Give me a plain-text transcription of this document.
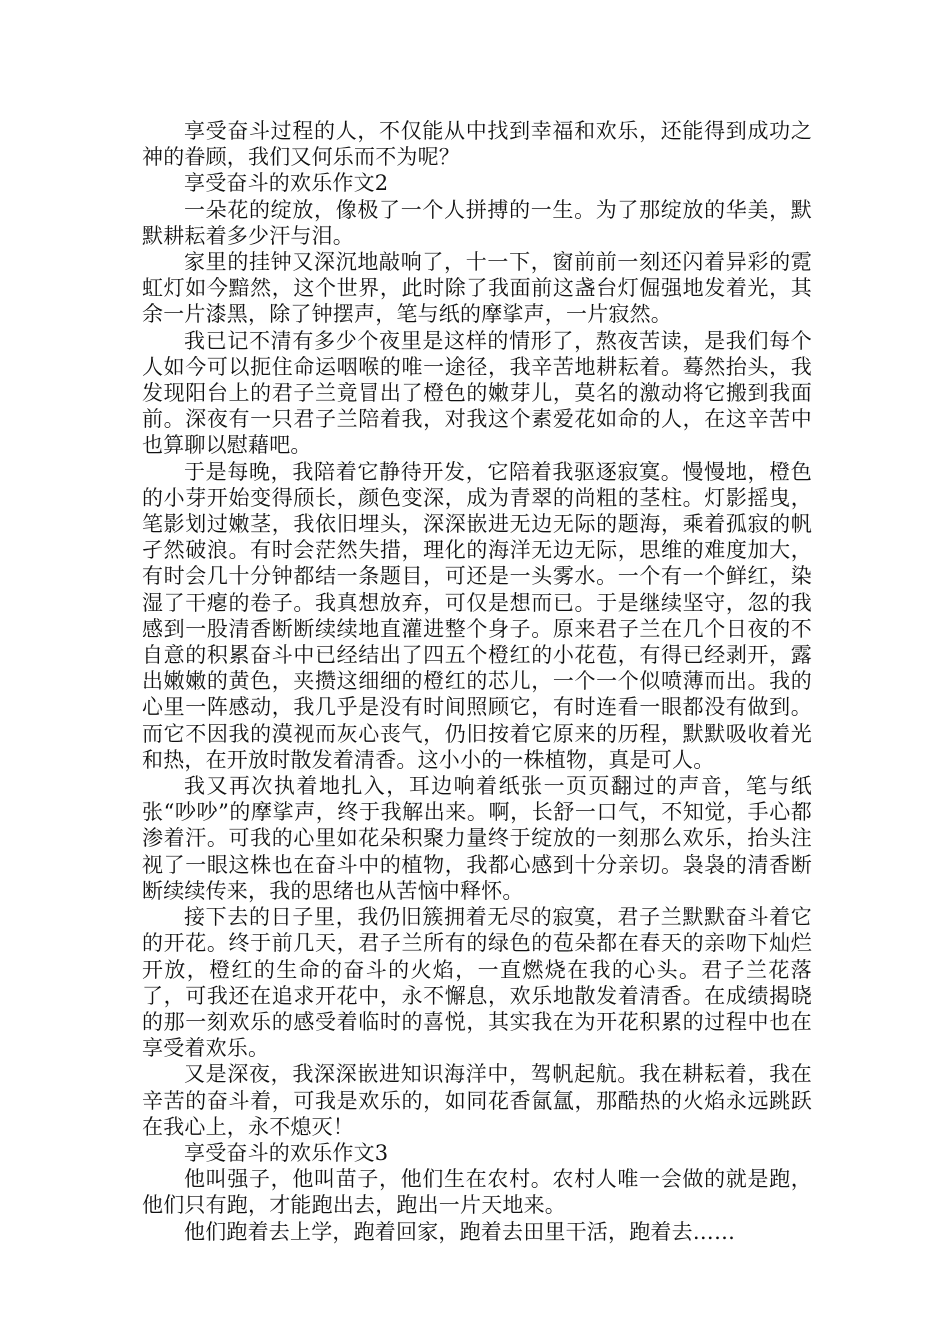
享受奋斗过程的人，不仅能从中找到幸福和欢乐，还能得到成功之神的眷顾，我们又何乐而不为呢？

享受奋斗的欢乐作文2

一朵花的绽放，像极了一个人拼搏的一生。为了那绽放的华美，默默耕耘着多少汗与泪。

家里的挂钟又深沉地敲响了，十一下，窗前前一刻还闪着异彩的霓虹灯如今黯然，这个世界，此时除了我面前这盏台灯倔强地发着光，其余一片漆黑，除了钟摆声，笔与纸的摩挲声，一片寂然。

我已记不清有多少个夜里是这样的情形了，熬夜苦读，是我们每个人如今可以扼住命运咽喉的唯一途径，我辛苦地耕耘着。蓦然抬头，我发现阳台上的君子兰竟冒出了橙色的嫩芽儿，莫名的激动将它搬到我面前。深夜有一只君子兰陪着我，对我这个素爱花如命的人，在这辛苦中也算聊以慰藉吧。

于是每晚，我陪着它静待开发，它陪着我驱逐寂寞。慢慢地，橙色的小芽开始变得颀长，颜色变深，成为青翠的尚粗的茎柱。灯影摇曳，笔影划过嫩茎，我依旧埋头，深深嵌进无边无际的题海，乘着孤寂的帆孑然破浪。有时会茫然失措，理化的海洋无边无际，思维的难度加大，有时会几十分钟都结一条题目，可还是一头雾水。一个有一个鲜红，染湿了干瘪的卷子。我真想放弃，可仅是想而已。于是继续坚守，忽的我感到一股清香断断续续地直灌进整个身子。原来君子兰在几个日夜的不自意的积累奋斗中已经结出了四五个橙红的小花苞，有得已经剥开，露出嫩嫩的黄色，夹攒这细细的橙红的芯儿，一个一个似喷薄而出。我的心里一阵感动，我几乎是没有时间照顾它，有时连看一眼都没有做到。而它不因我的漠视而灰心丧气，仍旧按着它原来的历程，默默吸收着光和热，在开放时散发着清香。这小小的一株植物，真是可人。

我又再次执着地扎入，耳边响着纸张一页页翻过的声音，笔与纸张“吵吵”的摩挲声，终于我解出来。啊，长舒一口气，不知觉，手心都渗着汗。可我的心里如花朵积聚力量终于绽放的一刻那么欢乐，抬头注视了一眼这株也在奋斗中的植物，我都心感到十分亲切。袅袅的清香断断续续传来，我的思绪也从苦恼中释怀。

接下去的日子里，我仍旧簇拥着无尽的寂寞，君子兰默默奋斗着它的开花。终于前几天，君子兰所有的绿色的苞朵都在春天的亲吻下灿烂开放，橙红的生命的奋斗的火焰，一直燃烧在我的心头。君子兰花落了，可我还在追求开花中，永不懈息，欢乐地散发着清香。在成绩揭晓的那一刻欢乐的感受着临时的喜悦，其实我在为开花积累的过程中也在享受着欢乐。

又是深夜，我深深嵌进知识海洋中，驾帆起航。我在耕耘着，我在辛苦的奋斗着，可我是欢乐的，如同花香氤氲，那酷热的火焰永远跳跃在我心上，永不熄灭！

享受奋斗的欢乐作文3

他叫强子，他叫苗子，他们生在农村。农村人唯一会做的就是跑，他们只有跑，才能跑出去，跑出一片天地来。

他们跑着去上学，跑着回家，跑着去田里干活，跑着去……
